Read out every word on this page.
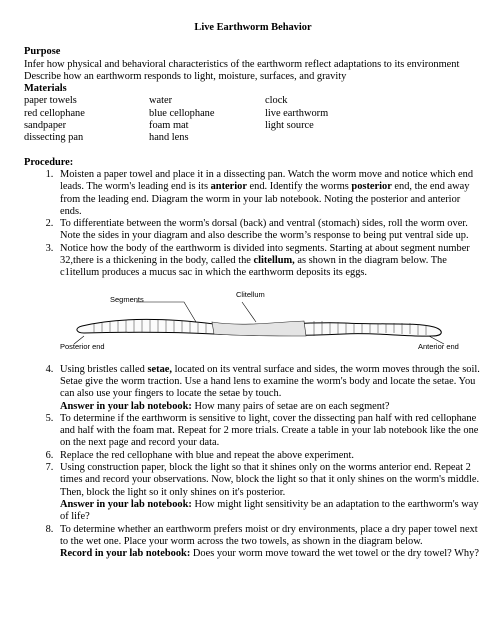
Live Earthworm Behavior

Purpose

Infer how physical and behavioral characteristics of the earthworm reflect adaptations to its environment

Describe how an earthworm responds to light, moisture, surfaces, and gravity

Materials

paper towels	water	clock
red cellophane	blue cellophane	live earthworm
sandpaper	foam mat	light source
dissecting pan	hand lens

Procedure:

1. Moisten a paper towel and place it in a dissecting pan. Watch the worm move and notice which end leads. The worm's leading end is its anterior end. Identify the worms posterior end, the end away from the leading end. Diagram the worm in your lab notebook. Noting the posterior and anterior ends.
2. To differentiate between the worm's dorsal (back) and ventral (stomach) sides, roll the worm over. Note the sides in your diagram and also describe the worm’s response to being put ventral side up.
3. Notice how the body of the earthworm is divided into segments. Starting at about segment number 32,there is a thickening in the body, called the clitellum, as shown in the diagram below. The c1itellum produces a mucus sac in which the earthworm deposits its eggs.
Segments
Clitellum
Posterior end	Anterior end
4. Using bristles called setae, located on its ventral surface and sides, the worm moves through the soil. Setae give the worm traction. Use a hand lens to examine the worm's body and locate the setae. You can also use your fingers to locate the setae by touch.
Answer in your lab notebook: How many pairs of setae are on each segment?
5. To determine if the earthworm is sensitive to light, cover the dissecting pan half with red cellophane and half with the foam mat. Repeat for 2 more trials. Create a table in your lab notebook like the one on the next page and record your data.
6. Replace the red cellophane with blue and repeat the above experiment.
7. Using construction paper, block the light so that it shines only on the worms anterior end. Repeat 2 times and record your observations. Now, block the light so that it only shines on the worm's middle. Then, block the light so it only shines on it's posterior.
Answer in your lab notebook: How might light sensitivity be an adaptation to the earthworm's way of life?
8. To determine whether an earthworm prefers moist or dry environments, place a dry paper towel next to the wet one. Place your worm across the two towels, as shown in the diagram below.
Record in your lab notebook: Does your worm move toward the wet towel or the dry towel? Why?
